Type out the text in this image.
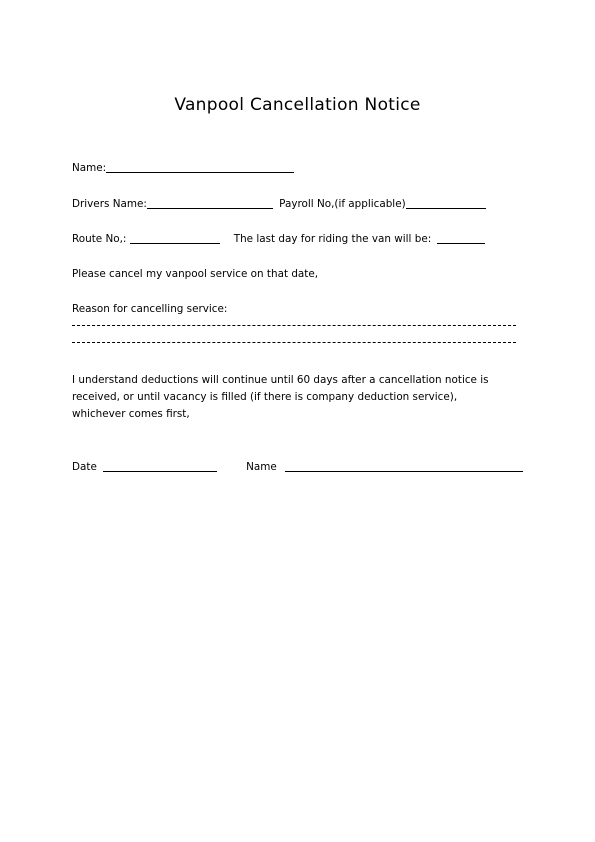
Vanpool Cancellation Notice
Name:
Drivers Name:	Payroll No,(if applicable)
Route No,:	The last day for riding the van will be:
Please cancel my vanpool service on that date,
Reason for cancelling service:
I understand deductions will continue until 60 days after a cancellation notice is
received, or until vacancy is filled (if there is company deduction service),
whichever comes first,
Date	Name
